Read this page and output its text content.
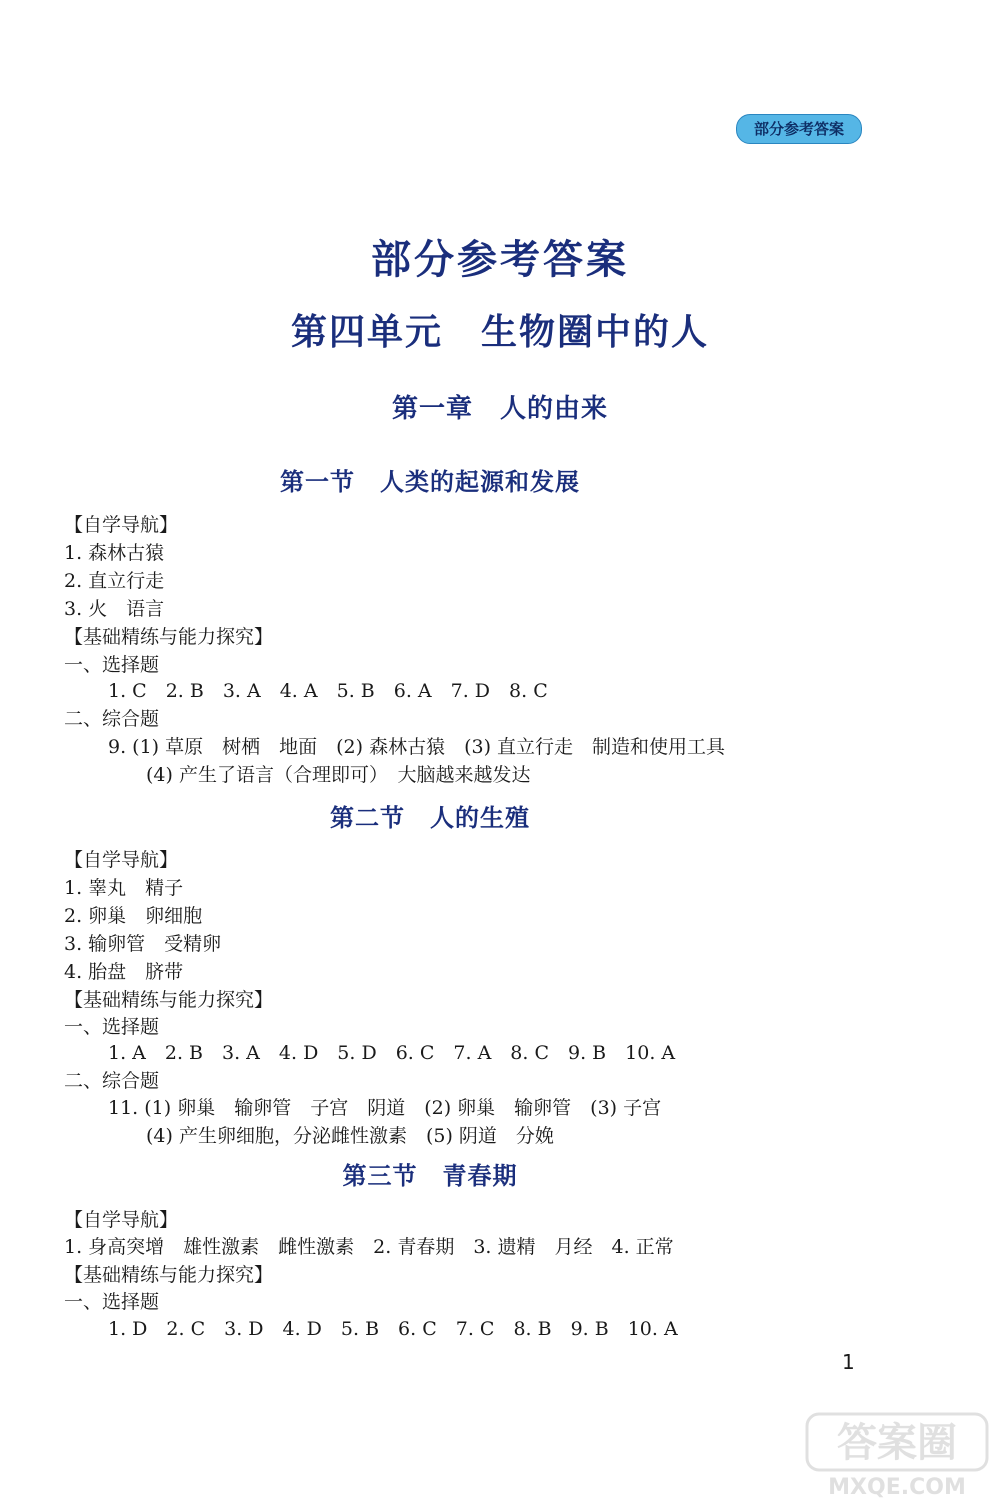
部分参考答案
部分参考答案
第四单元　生物圈中的人
第一章　人的由来
第一节　人类的起源和发展
【自学导航】
1. 森林古猿
2. 直立行走
3. 火　语言
【基础精练与能力探究】
一、选择题
1. C　2. B　3. A　4. A　5. B　6. A　7. D　8. C
二、综合题
9. (1) 草原　树栖　地面　(2) 森林古猿　(3) 直立行走　制造和使用工具
(4) 产生了语言（合理即可）　大脑越来越发达
第二节　人的生殖
【自学导航】
1. 睾丸　精子
2. 卵巢　卵细胞
3. 输卵管　受精卵
4. 胎盘　脐带
【基础精练与能力探究】
一、选择题
1. A　2. B　3. A　4. D　5. D　6. C　7. A　8. C　9. B　10. A
二、综合题
11. (1) 卵巢　输卵管　子宫　阴道　(2) 卵巢　输卵管　(3) 子宫
(4) 产生卵细胞，分泌雌性激素　(5) 阴道　分娩
第三节　青春期
【自学导航】
1. 身高突增　雄性激素　雌性激素　2. 青春期　3. 遗精　月经　4. 正常
【基础精练与能力探究】
一、选择题
1. D　2. C　3. D　4. D　5. B　6. C　7. C　8. B　9. B　10. A
1
答案圈
MXQE.COM
